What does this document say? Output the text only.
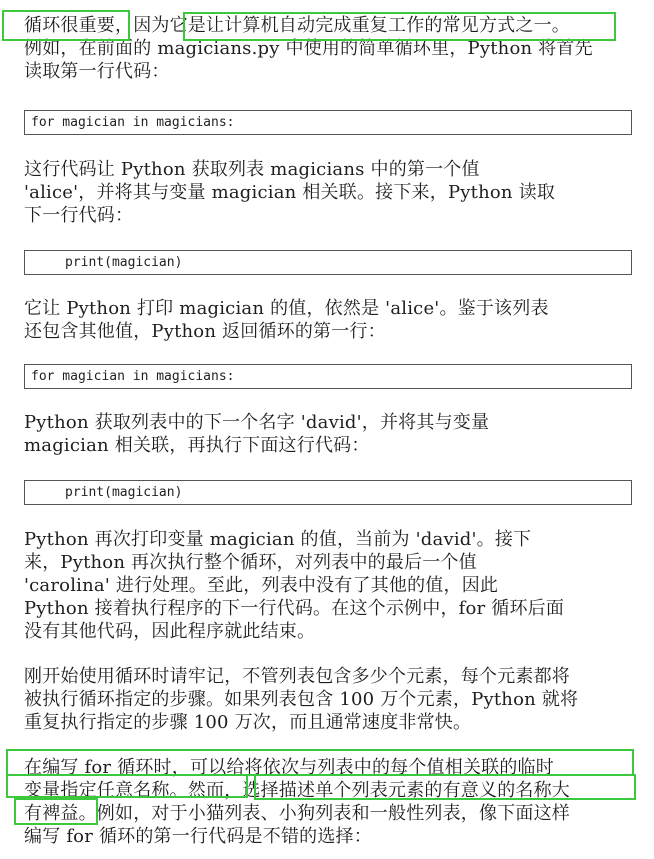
循环很重要，因为它是让计算机自动完成重复工作的常见方式之一。
例如，在前面的 magicians.py 中使用的简单循环里，Python 将首先
读取第一行代码：
for magician in magicians:
这行代码让 Python 获取列表 magicians 中的第一个值
'alice'，并将其与变量 magician 相关联。接下来，Python 读取
下一行代码：
print(magician)
它让 Python 打印 magician 的值，依然是 'alice'。鉴于该列表
还包含其他值，Python 返回循环的第一行：
for magician in magicians:
Python 获取列表中的下一个名字 'david'，并将其与变量
magician 相关联，再执行下面这行代码：
print(magician)
Python 再次打印变量 magician 的值，当前为 'david'。接下
来，Python 再次执行整个循环，对列表中的最后一个值
'carolina' 进行处理。至此，列表中没有了其他的值，因此
Python 接着执行程序的下一行代码。在这个示例中，for 循环后面
没有其他代码，因此程序就此结束。
刚开始使用循环时请牢记，不管列表包含多少个元素，每个元素都将
被执行循环指定的步骤。如果列表包含 100 万个元素，Python 就将
重复执行指定的步骤 100 万次，而且通常速度非常快。
在编写 for 循环时，可以给将依次与列表中的每个值相关联的临时
变量指定任意名称。然而，选择描述单个列表元素的有意义的名称大
有裨益。例如，对于小猫列表、小狗列表和一般性列表，像下面这样
编写 for 循环的第一行代码是不错的选择：
